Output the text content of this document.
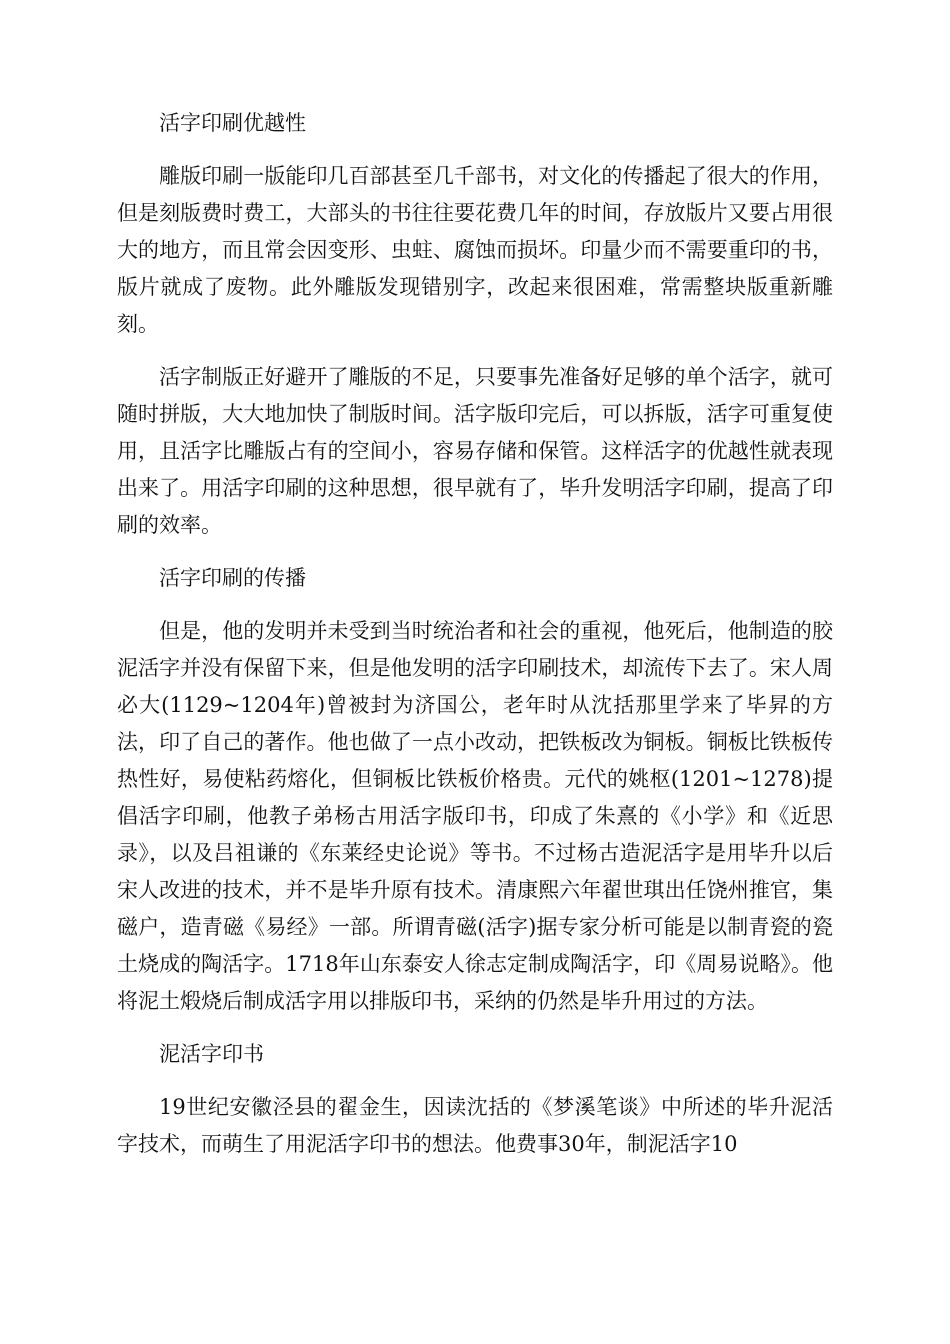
活字印刷优越性

雕版印刷一版能印几百部甚至几千部书，对文化的传播起了很大的作用，但是刻版费时费工，大部头的书往往要花费几年的时间，存放版片又要占用很大的地方，而且常会因变形、虫蛀、腐蚀而损坏。印量少而不需要重印的书，版片就成了废物。此外雕版发现错别字，改起来很困难，常需整块版重新雕刻。

活字制版正好避开了雕版的不足，只要事先准备好足够的单个活字，就可随时拼版，大大地加快了制版时间。活字版印完后，可以拆版，活字可重复使用，且活字比雕版占有的空间小，容易存储和保管。这样活字的优越性就表现出来了。用活字印刷的这种思想，很早就有了，毕升发明活字印刷，提高了印刷的效率。

活字印刷的传播

但是，他的发明并未受到当时统治者和社会的重视，他死后，他制造的胶泥活字并没有保留下来，但是他发明的活字印刷技术，却流传下去了。宋人周必大(1129~1204年)曾被封为济国公，老年时从沈括那里学来了毕昇的方法，印了自己的著作。他也做了一点小改动，把铁板改为铜板。铜板比铁板传热性好，易使粘药熔化，但铜板比铁板价格贵。元代的姚枢(1201~1278)提倡活字印刷，他教子弟杨古用活字版印书，印成了朱熹的《小学》和《近思录》，以及吕祖谦的《东莱经史论说》等书。不过杨古造泥活字是用毕升以后宋人改进的技术，并不是毕升原有技术。清康熙六年翟世琪出任饶州推官，集磁户，造青磁《易经》一部。所谓青磁(活字)据专家分析可能是以制青瓷的瓷土烧成的陶活字。1718年山东泰安人徐志定制成陶活字，印《周易说略》。他将泥土煅烧后制成活字用以排版印书，采纳的仍然是毕升用过的方法。

泥活字印书

19世纪安徽泾县的翟金生，因读沈括的《梦溪笔谈》中所述的毕升泥活字技术，而萌生了用泥活字印书的想法。他费事30年，制泥活字10
